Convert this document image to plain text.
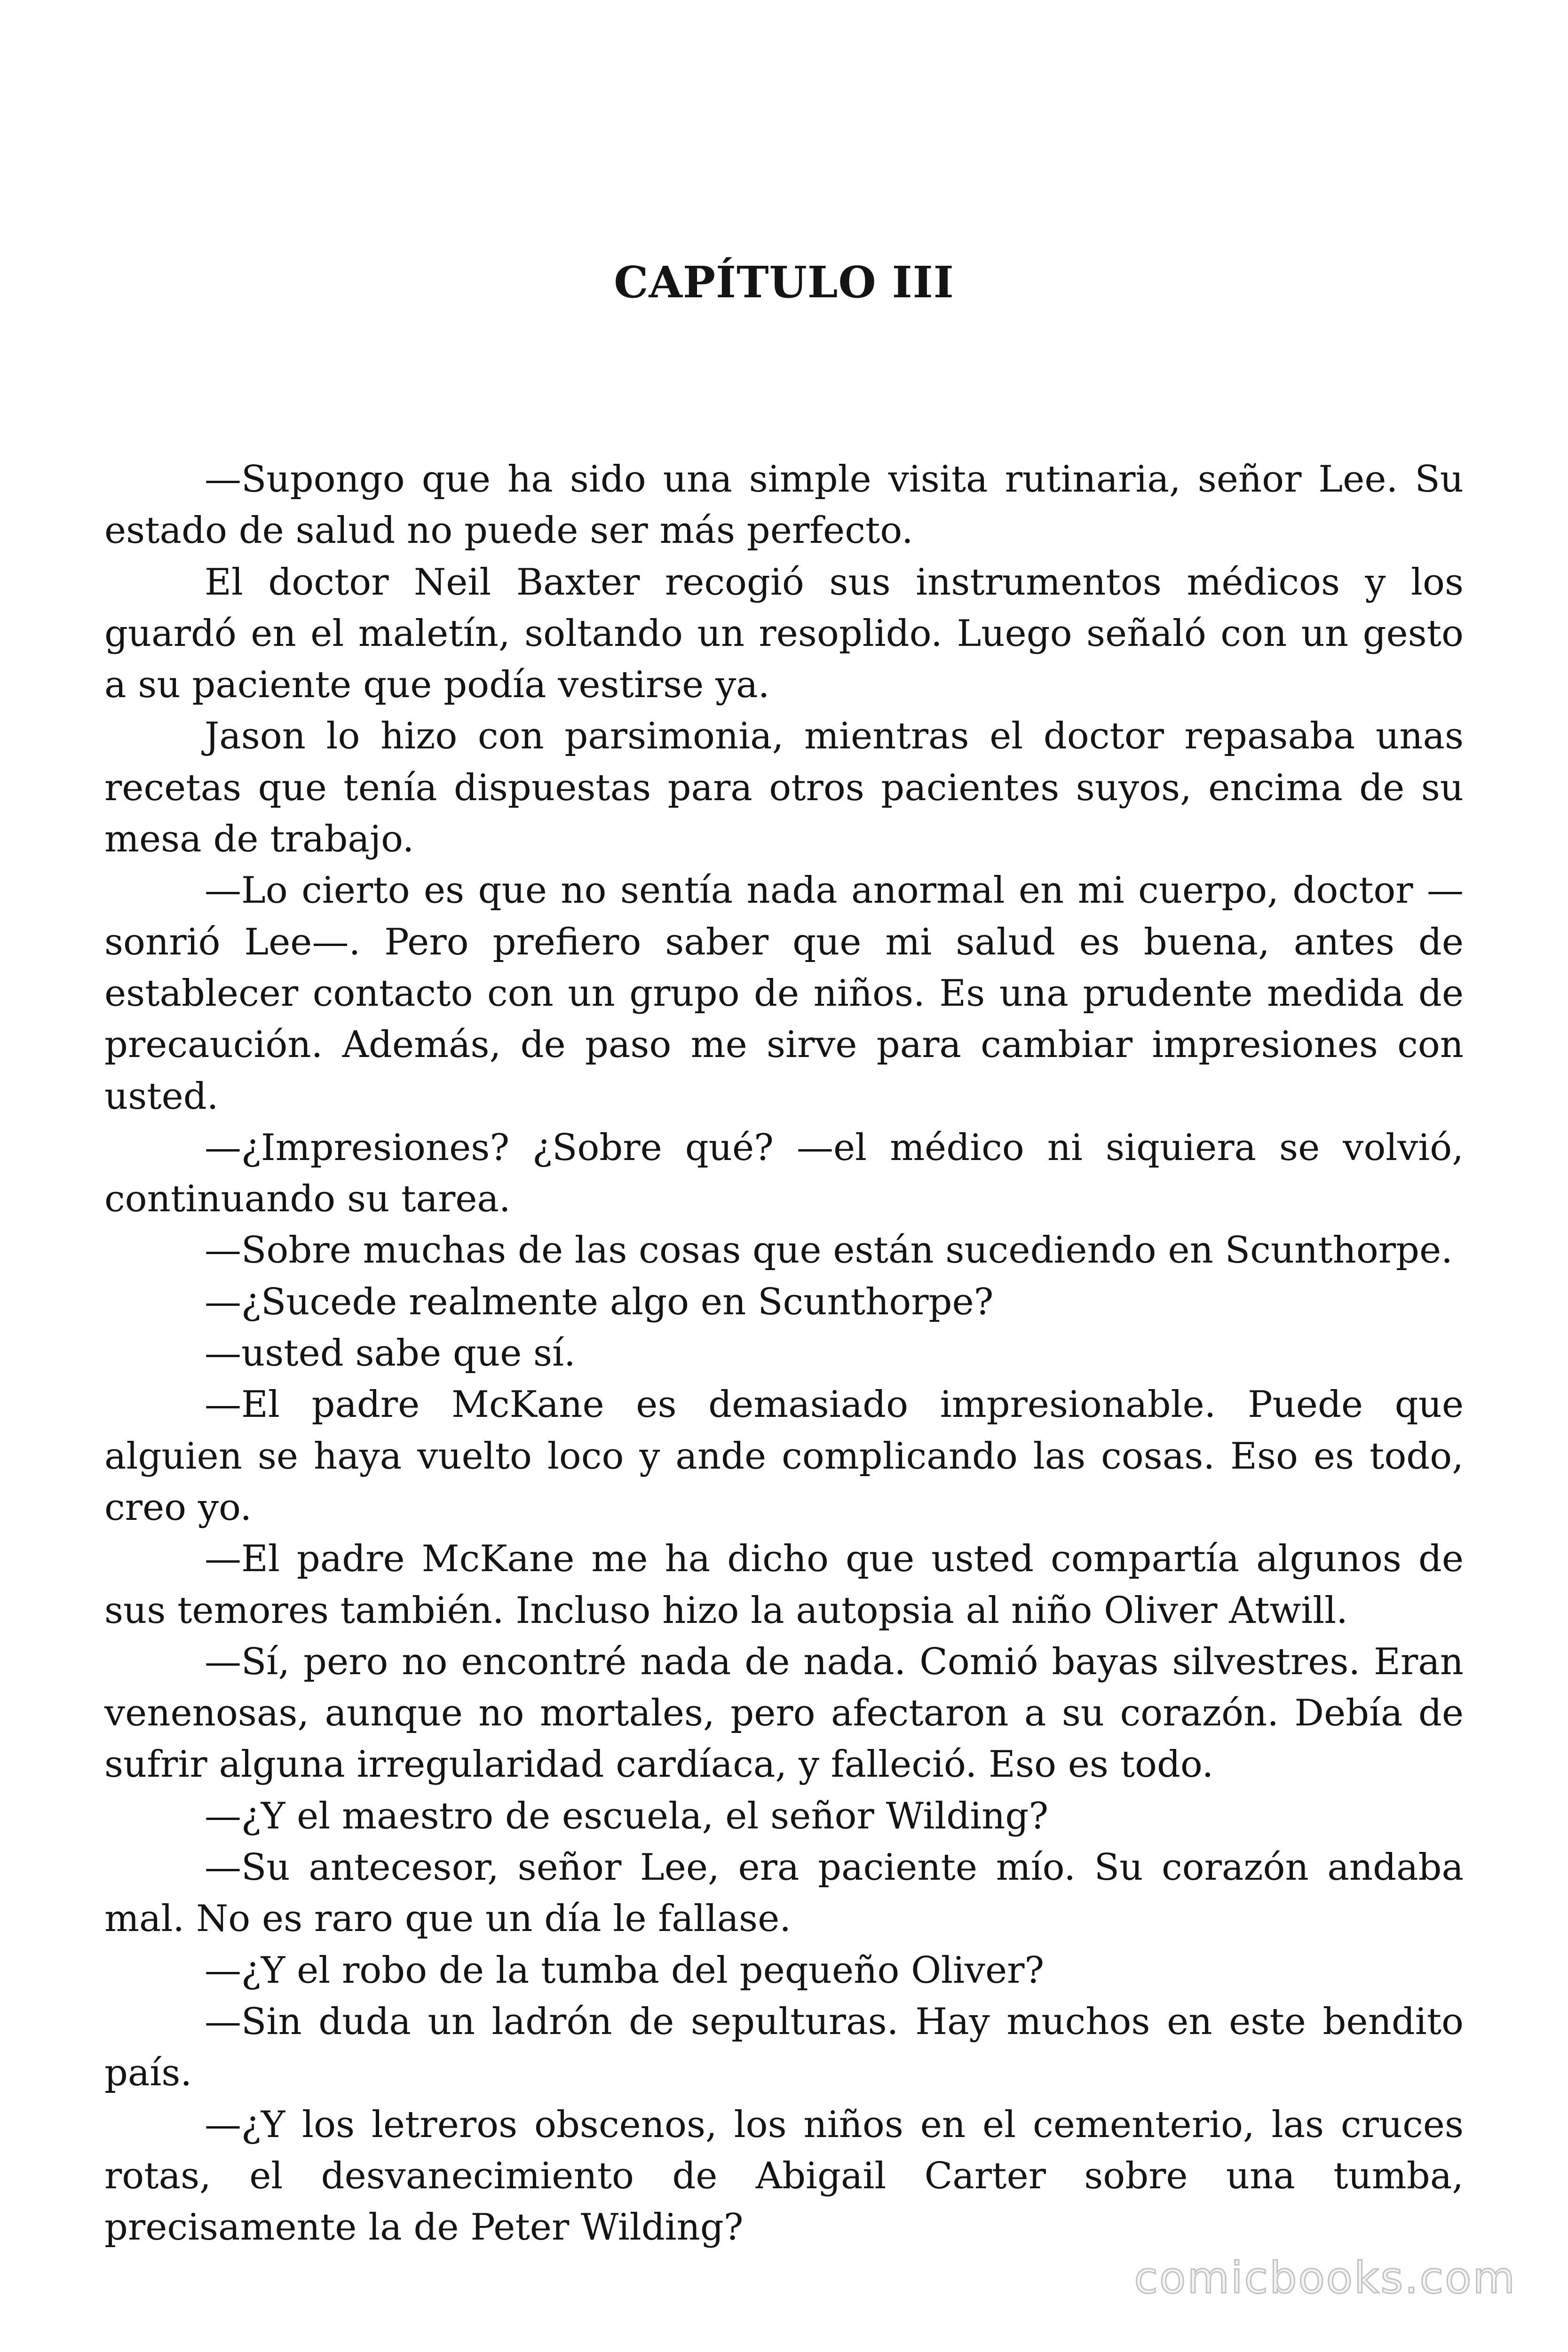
CAPÍTULO III

—Supongo que ha sido una simple visita rutinaria, señor Lee. Su estado de salud no puede ser más perfecto.

El doctor Neil Baxter recogió sus instrumentos médicos y los guardó en el maletín, soltando un resoplido. Luego señaló con un gesto a su paciente que podía vestirse ya.

Jason lo hizo con parsimonia, mientras el doctor repasaba unas recetas que tenía dispuestas para otros pacientes suyos, encima de su mesa de trabajo.

—Lo cierto es que no sentía nada anormal en mi cuerpo, doctor —sonrió Lee—. Pero prefiero saber que mi salud es buena, antes de establecer contacto con un grupo de niños. Es una prudente medida de precaución. Además, de paso me sirve para cambiar impresiones con usted.

—¿Impresiones? ¿Sobre qué? —el médico ni siquiera se volvió, continuando su tarea.

—Sobre muchas de las cosas que están sucediendo en Scunthorpe.

—¿Sucede realmente algo en Scunthorpe?

—usted sabe que sí.

—El padre McKane es demasiado impresionable. Puede que alguien se haya vuelto loco y ande complicando las cosas. Eso es todo, creo yo.

—El padre McKane me ha dicho que usted compartía algunos de sus temores también. Incluso hizo la autopsia al niño Oliver Atwill.

—Sí, pero no encontré nada de nada. Comió bayas silvestres. Eran venenosas, aunque no mortales, pero afectaron a su corazón. Debía de sufrir alguna irregularidad cardíaca, y falleció. Eso es todo.

—¿Y el maestro de escuela, el señor Wilding?

—Su antecesor, señor Lee, era paciente mío. Su corazón andaba mal. No es raro que un día le fallase.

—¿Y el robo de la tumba del pequeño Oliver?

—Sin duda un ladrón de sepulturas. Hay muchos en este bendito país.

—¿Y los letreros obscenos, los niños en el cementerio, las cruces rotas, el desvanecimiento de Abigail Carter sobre una tumba, precisamente la de Peter Wilding?

comicbooks.com
